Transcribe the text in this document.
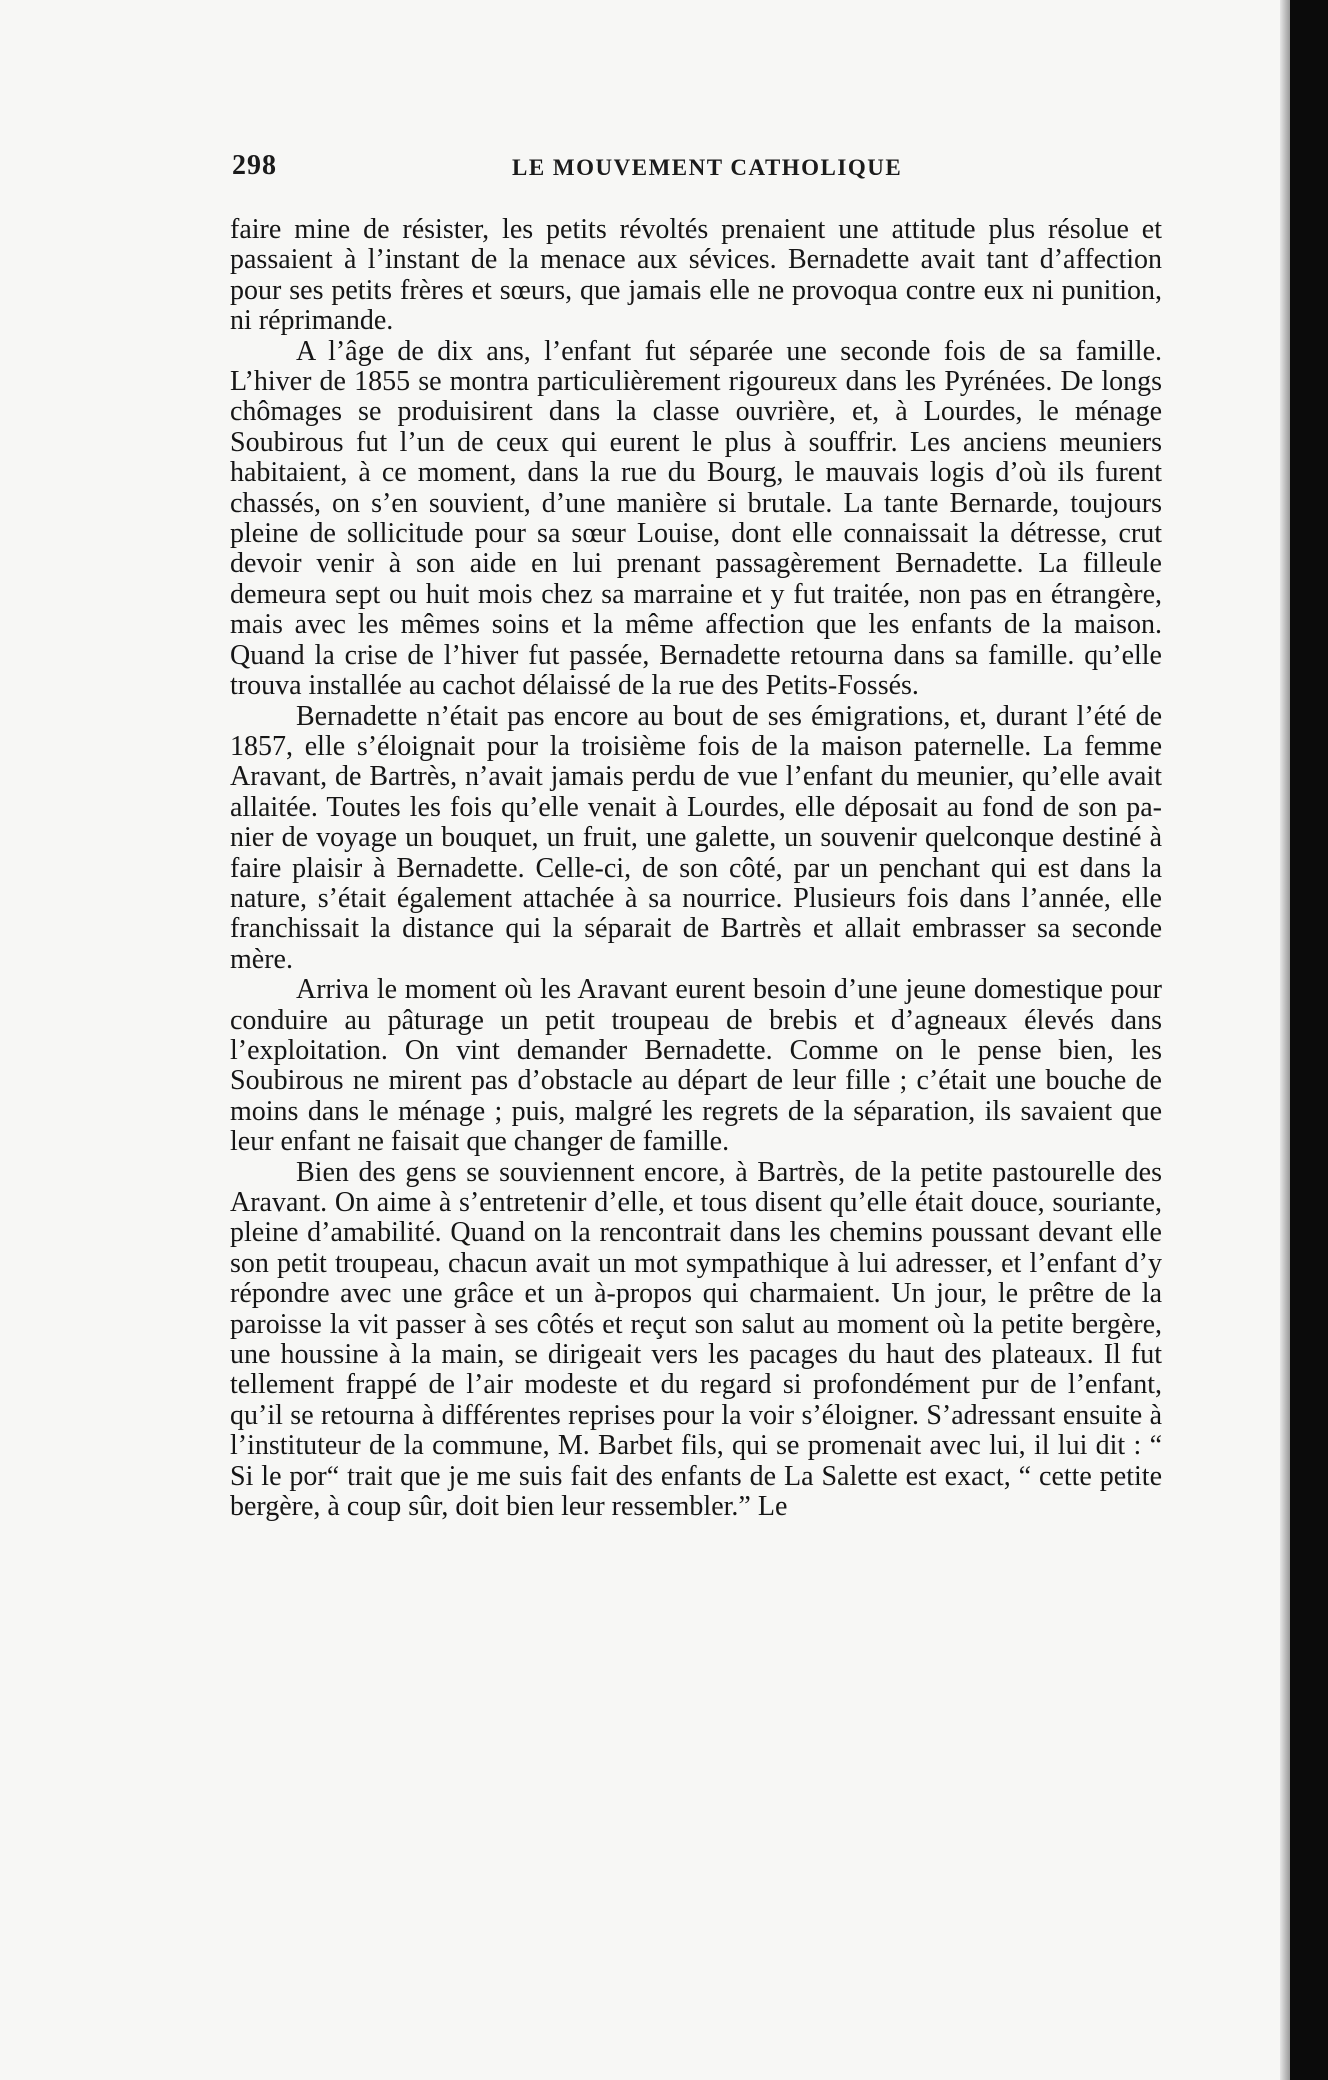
298	LE MOUVEMENT CATHOLIQUE

faire mine de résister, les petits révoltés prenaient une attitude plus résolue et passaient à l’instant de la menace aux sévices. Bernadette avait tant d’affection pour ses petits frères et sœurs, que jamais elle ne provoqua contre eux ni punition, ni réprimande.

A l’âge de dix ans, l’enfant fut séparée une seconde fois de sa famille. L’hiver de 1855 se montra particulièrement rigoureux dans les Pyrénées. De longs chômages se produisirent dans la classe ouvrière, et, à Lourdes, le ménage Soubirous fut l’un de ceux qui eurent le plus à souffrir. Les anciens meuniers habitaient, à ce moment, dans la rue du Bourg, le mauvais logis d’où ils furent chassés, on s’en souvient, d’une manière si brutale. La tante Bernarde, toujours pleine de sollicitude pour sa sœur Louise, dont elle connaissait la détresse, crut devoir venir à son aide en lui prenant passagèrement Bernadette. La filleule demeura sept ou huit mois chez sa marraine et y fut traitée, non pas en étrangère, mais avec les mêmes soins et la même affection que les enfants de la maison. Quand la crise de l’hiver fut passée, Bernadette retourna dans sa famille. qu’elle trouva installée au cachot délaissé de la rue des Petits-Fossés.

Bernadette n’était pas encore au bout de ses émigrations, et, durant l’été de 1857, elle s’éloignait pour la troisième fois de la maison paternelle. La femme Aravant, de Bartrès, n’avait jamais perdu de vue l’enfant du meunier, qu’elle avait allaitée. Toutes les fois qu’elle venait à Lourdes, elle déposait au fond de son panier de voyage un bouquet, un fruit, une galette, un souvenir quelconque destiné à faire plaisir à Bernadette. Celle-ci, de son côté, par un penchant qui est dans la nature, s’était également attachée à sa nourrice. Plusieurs fois dans l’année, elle franchissait la distance qui la séparait de Bartrès et allait embrasser sa seconde mère.

Arriva le moment où les Aravant eurent besoin d’une jeune domestique pour conduire au pâturage un petit troupeau de brebis et d’agneaux élevés dans l’exploitation. On vint demander Bernadette. Comme on le pense bien, les Soubirous ne mirent pas d’obstacle au départ de leur fille ; c’était une bouche de moins dans le ménage ; puis, malgré les regrets de la séparation, ils savaient que leur enfant ne faisait que changer de famille.

Bien des gens se souviennent encore, à Bartrès, de la petite pastourelle des Aravant. On aime à s’entretenir d’elle, et tous disent qu’elle était douce, souriante, pleine d’amabilité. Quand on la rencontrait dans les chemins poussant devant elle son petit troupeau, chacun avait un mot sympathique à lui adresser, et l’enfant d’y répondre avec une grâce et un à-propos qui charmaient. Un jour, le prêtre de la paroisse la vit passer à ses côtés et reçut son salut au moment où la petite bergère, une houssine à la main, se dirigeait vers les pacages du haut des plateaux. Il fut tellement frappé de l’air modeste et du regard si profondément pur de l’enfant, qu’il se retourna à différentes reprises pour la voir s’éloigner. S’adressant ensuite à l’instituteur de la commune, M. Barbet fils, qui se promenait avec lui, il lui dit : “ Si le por“ trait que je me suis fait des enfants de La Salette est exact, “ cette petite bergère, à coup sûr, doit bien leur ressembler.” Le
